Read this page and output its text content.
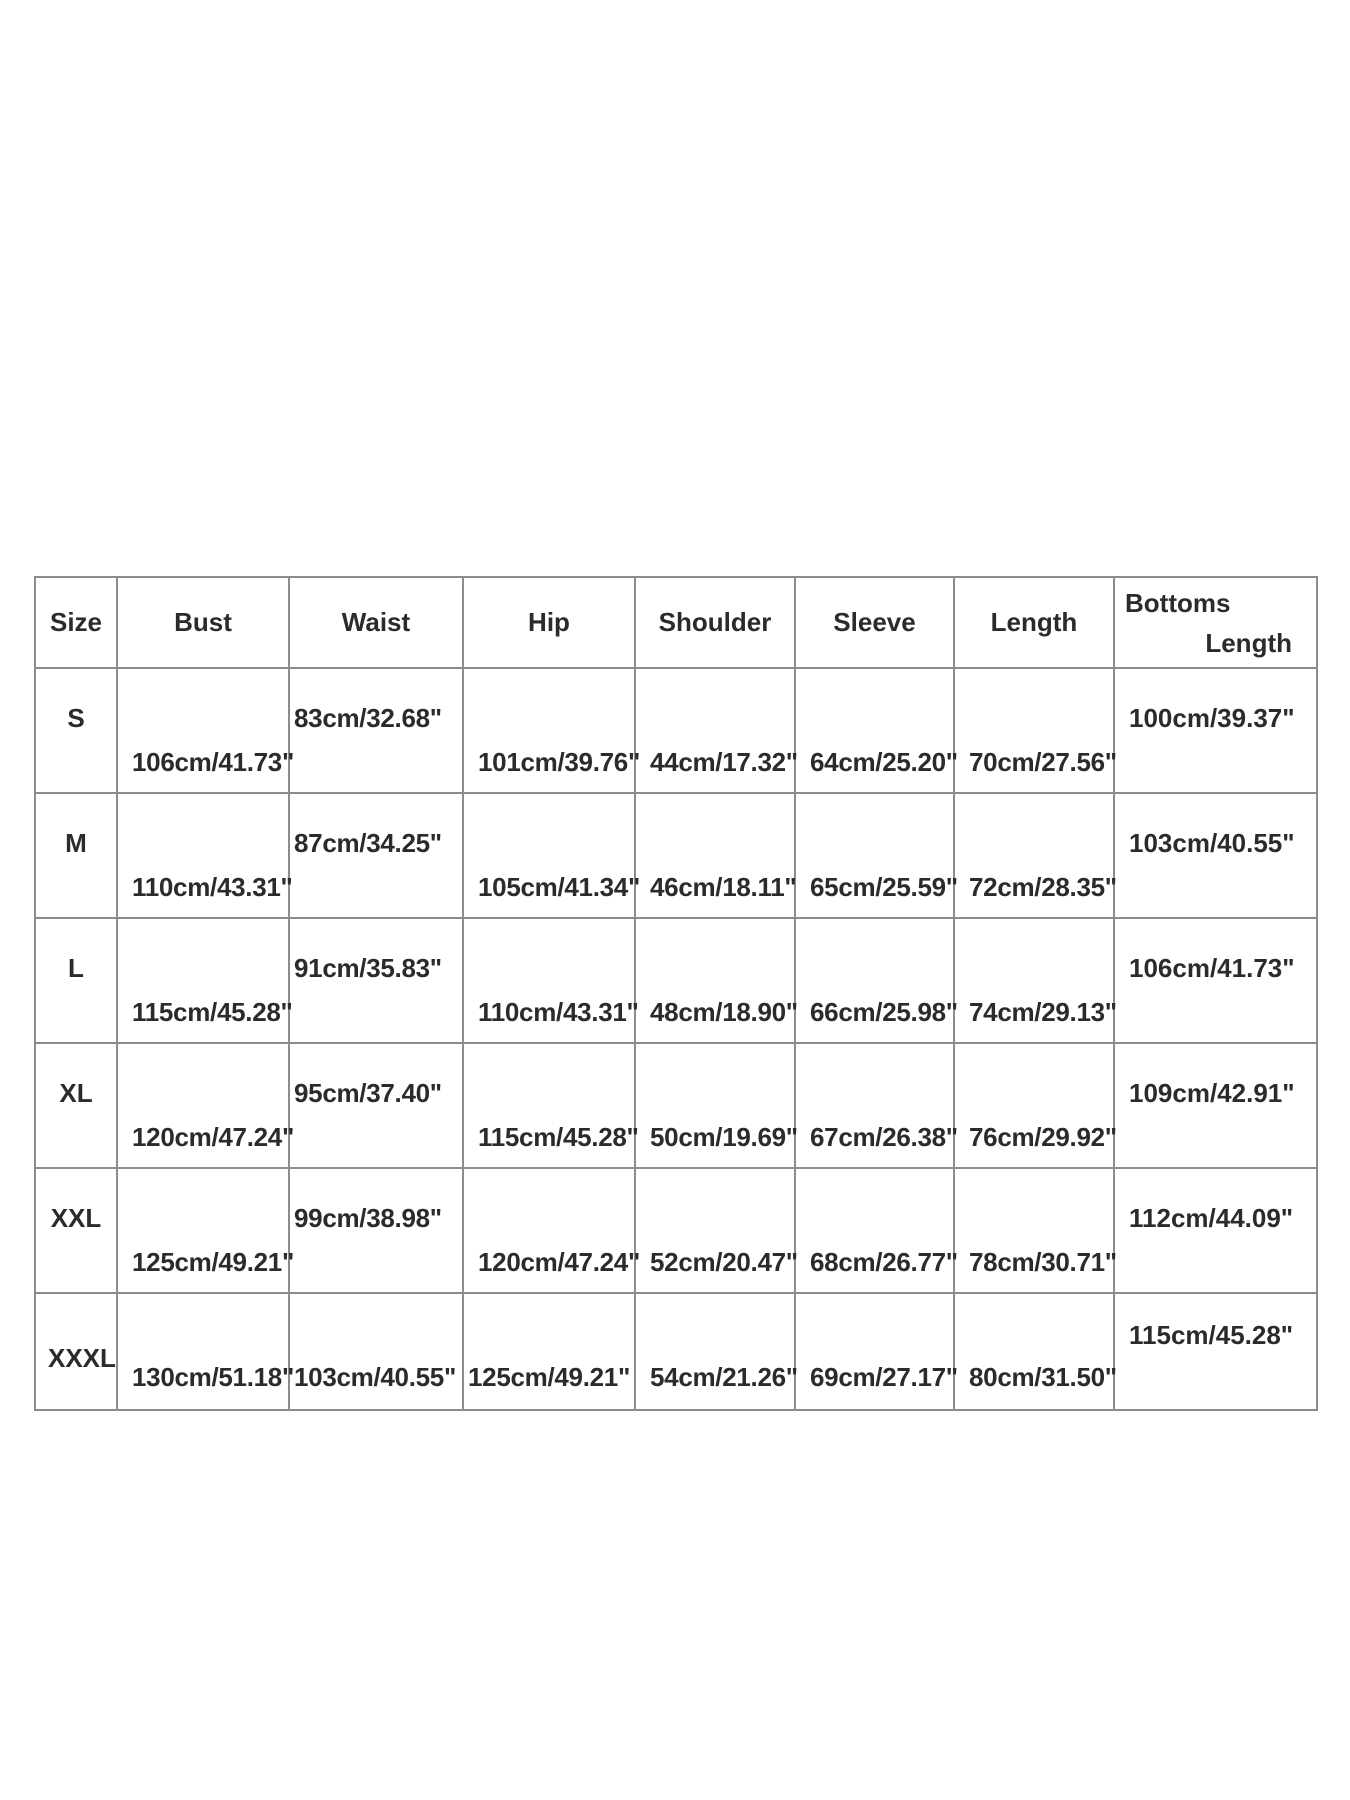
Size	Bust	Waist	Hip	Shoulder	Sleeve	Length	Bottoms
Length

S	106cm/41.73"	83cm/32.68"	101cm/39.76"	44cm/17.32"	64cm/25.20"	70cm/27.56"	100cm/39.37"
M	110cm/43.31"	87cm/34.25"	105cm/41.34"	46cm/18.11"	65cm/25.59"	72cm/28.35"	103cm/40.55"
L	115cm/45.28"	91cm/35.83"	110cm/43.31"	48cm/18.90"	66cm/25.98"	74cm/29.13"	106cm/41.73"
XL	120cm/47.24"	95cm/37.40"	115cm/45.28"	50cm/19.69"	67cm/26.38"	76cm/29.92"	109cm/42.91"
XXL	125cm/49.21"	99cm/38.98"	120cm/47.24"	52cm/20.47"	68cm/26.77"	78cm/30.71"	112cm/44.09"
XXXL	130cm/51.18"	103cm/40.55"	125cm/49.21"	54cm/21.26"	69cm/27.17"	80cm/31.50"	115cm/45.28"
